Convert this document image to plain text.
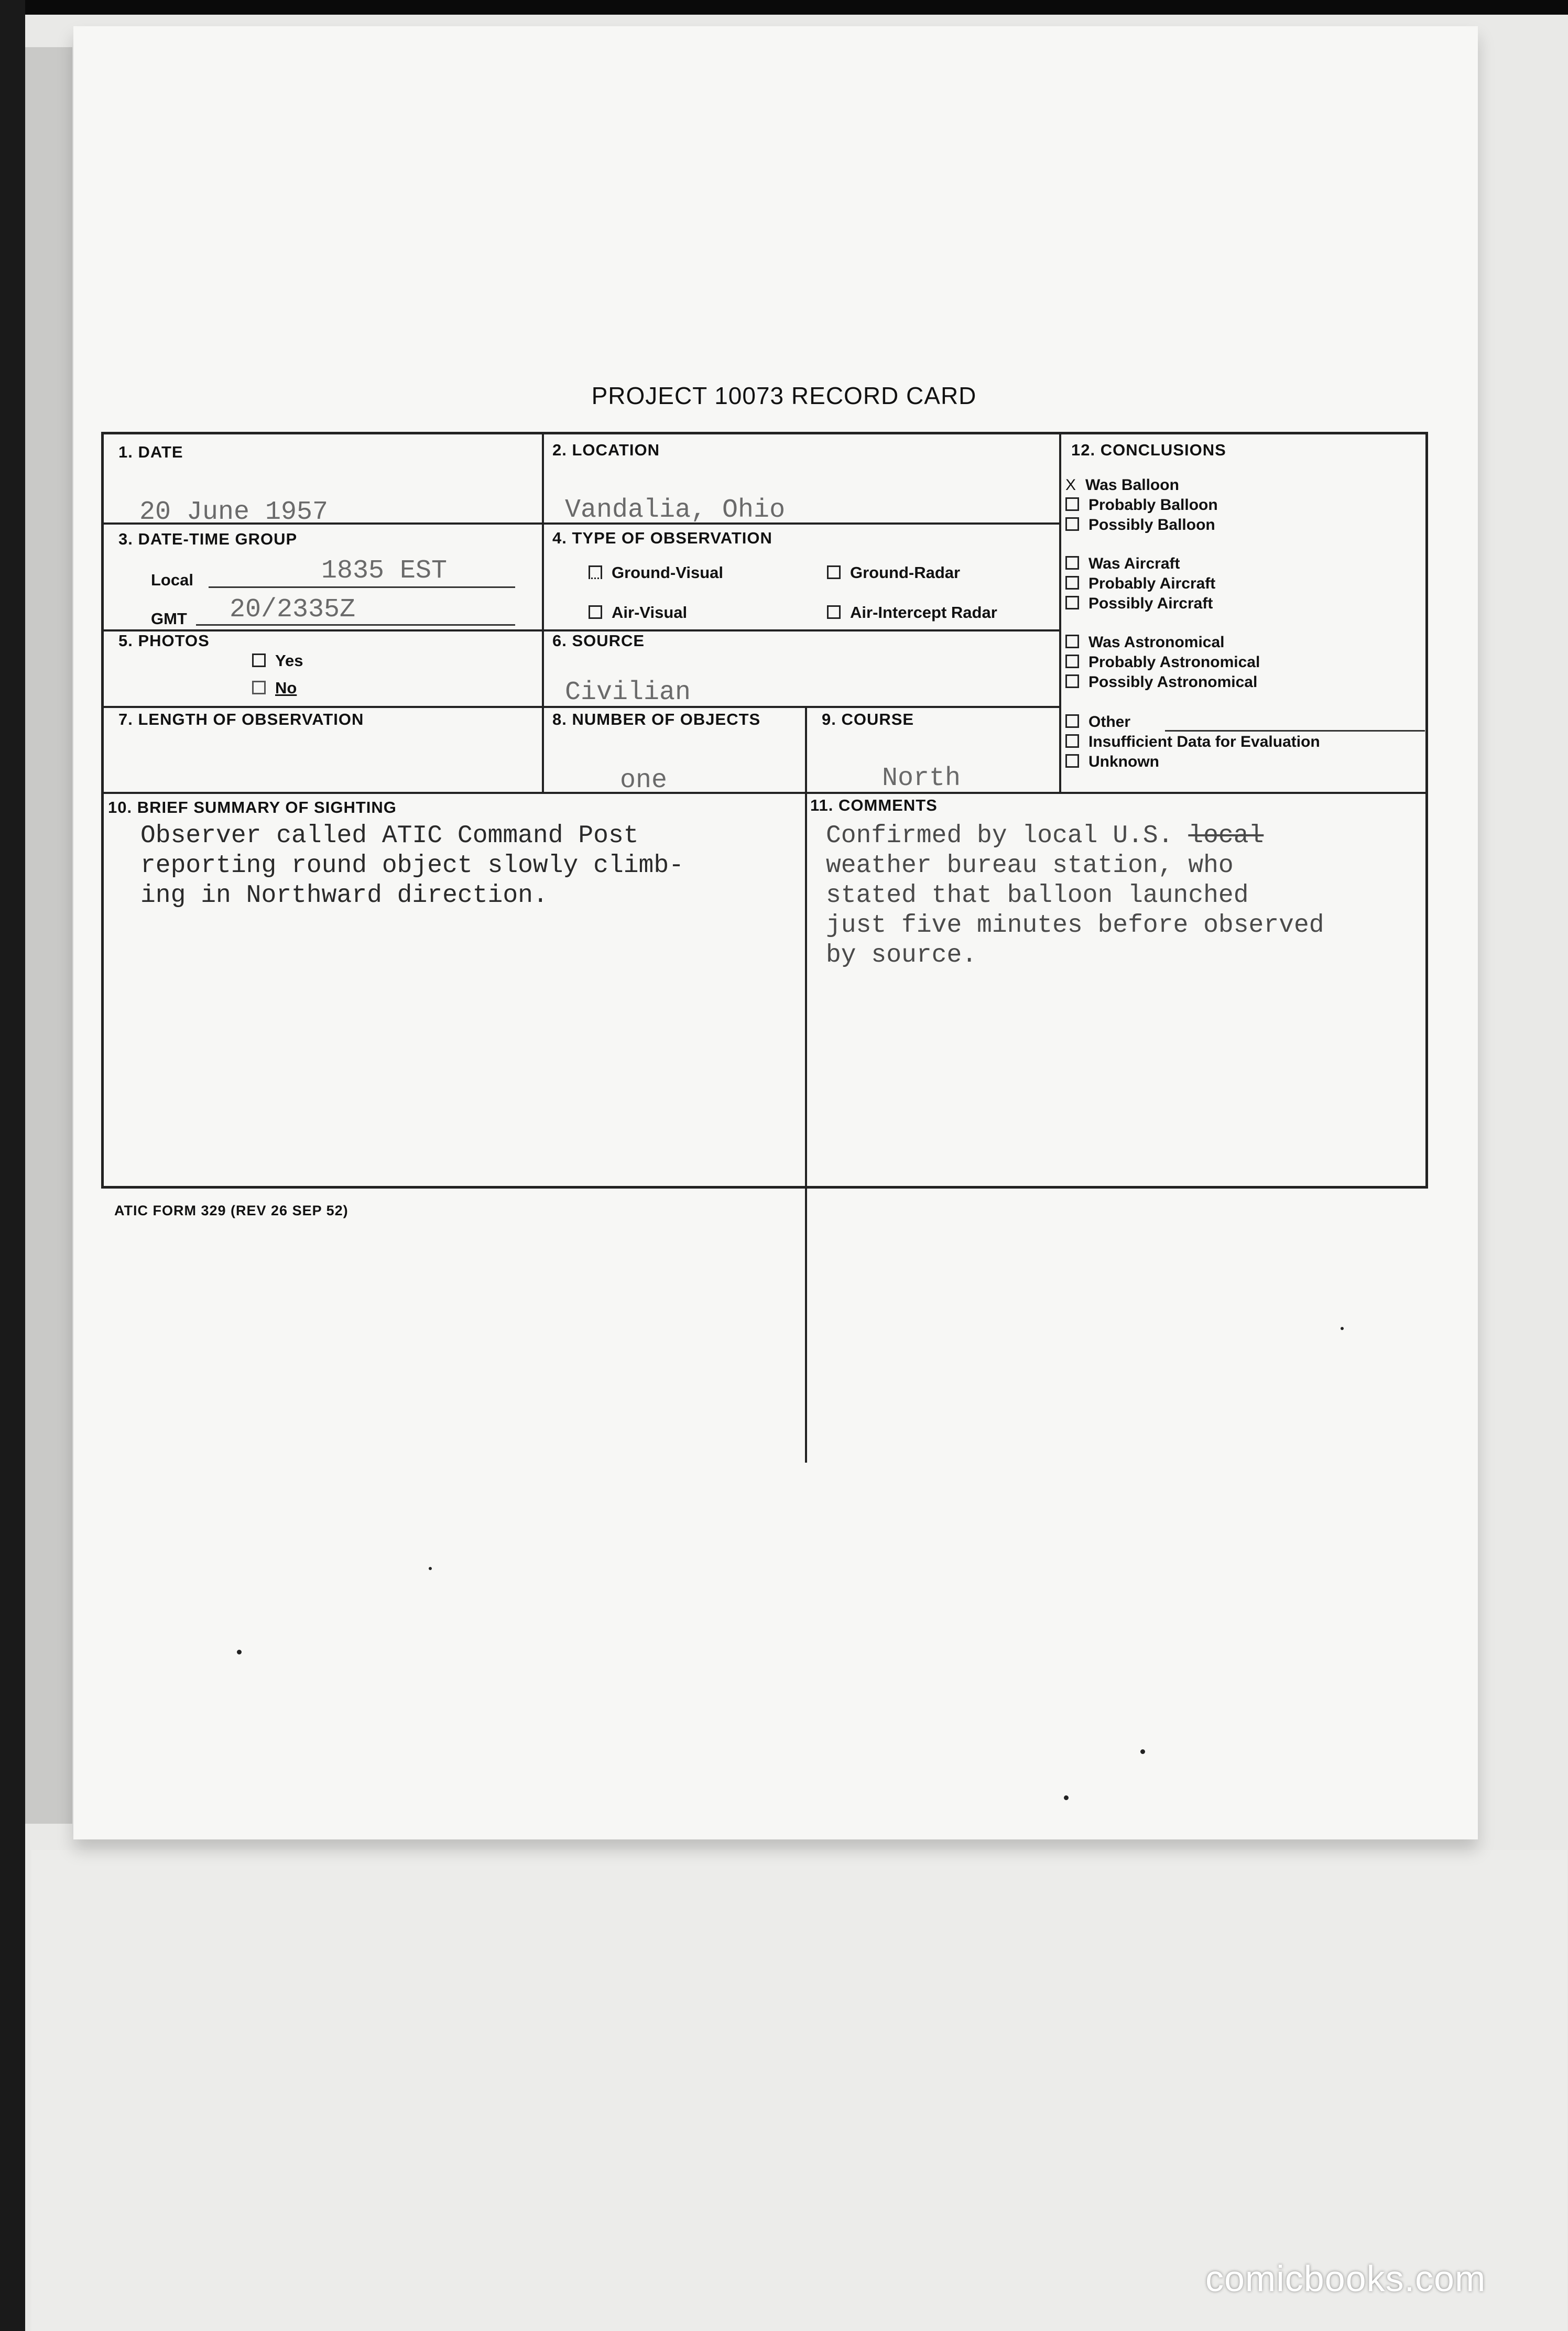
PROJECT 10073 RECORD CARD
1. DATE
20 June 1957
2. LOCATION
Vandalia, Ohio
3. DATE-TIME GROUP
Local	1835 EST
GMT 20/2335Z
4. TYPE OF OBSERVATION
Ground-Visual	Ground-Radar
Air-Visual	Air-Intercept Radar
5. PHOTOS
Yes
No
6. SOURCE
Civilian
7. LENGTH OF OBSERVATION	8. NUMBER OF OBJECTS
one
9. COURSE
North
10. BRIEF SUMMARY OF SIGHTING
Observer called ATIC Command Post
reporting round object slowly climb-
ing in Northward direction.
11. COMMENTS
Confirmed by local U.S. local
weather bureau station, who
stated that balloon launched
just five minutes before observed
by source.
12. CONCLUSIONS
X Was Balloon
Probably Balloon
Possibly Balloon
Was Aircraft
Probably Aircraft
Possibly Aircraft
Was Astronomical
Probably Astronomical
Possibly Astronomical
Other
Insufficient Data for Evaluation
Unknown
ATIC FORM 329 (REV 26 SEP 52)
comicbooks.com
